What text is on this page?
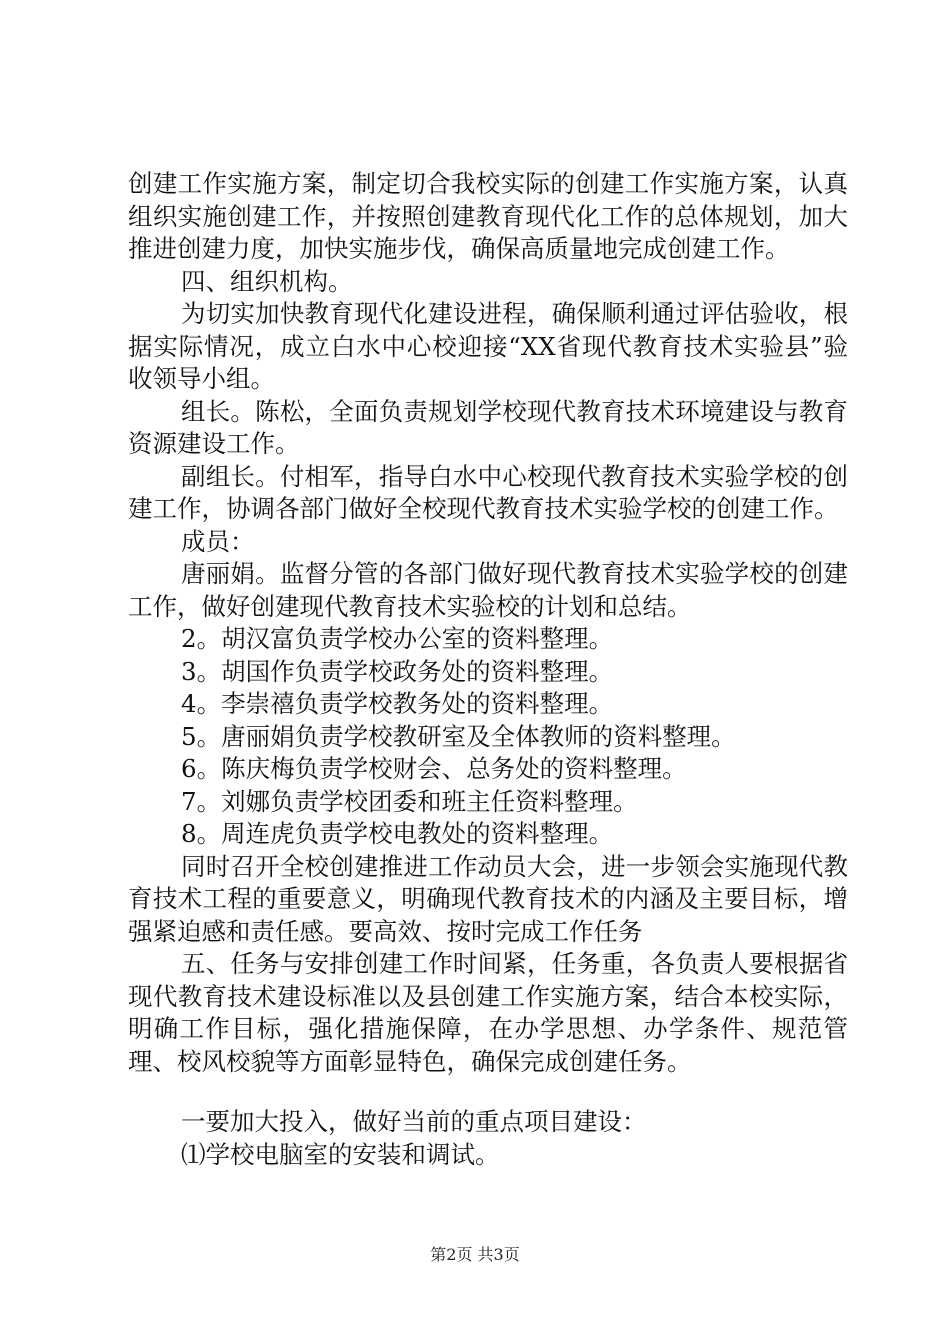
创建工作实施方案，制定切合我校实际的创建工作实施方案，认真组织实施创建工作，并按照创建教育现代化工作的总体规划，加大推进创建力度，加快实施步伐，确保高质量地完成创建工作。

四、组织机构。

为切实加快教育现代化建设进程，确保顺利通过评估验收，根据实际情况，成立白水中心校迎接“XX省现代教育技术实验县”验收领导小组。

组长。陈松，全面负责规划学校现代教育技术环境建设与教育资源建设工作。

副组长。付相军，指导白水中心校现代教育技术实验学校的创建工作，协调各部门做好全校现代教育技术实验学校的创建工作。

成员：

唐丽娟。监督分管的各部门做好现代教育技术实验学校的创建工作，做好创建现代教育技术实验校的计划和总结。

2。胡汉富负责学校办公室的资料整理。

3。胡国作负责学校政务处的资料整理。

4。李崇禧负责学校教务处的资料整理。

5。唐丽娟负责学校教研室及全体教师的资料整理。

6。陈庆梅负责学校财会、总务处的资料整理。

7。刘娜负责学校团委和班主任资料整理。

8。周连虎负责学校电教处的资料整理。

同时召开全校创建推进工作动员大会，进一步领会实施现代教育技术工程的重要意义，明确现代教育技术的内涵及主要目标，增强紧迫感和责任感。要高效、按时完成工作任务

五、任务与安排创建工作时间紧，任务重，各负责人要根据省现代教育技术建设标准以及县创建工作实施方案，结合本校实际，明确工作目标，强化措施保障，在办学思想、办学条件、规范管理、校风校貌等方面彰显特色，确保完成创建任务。

一要加大投入，做好当前的重点项目建设：

⑴学校电脑室的安装和调试。

第2页 共3页
